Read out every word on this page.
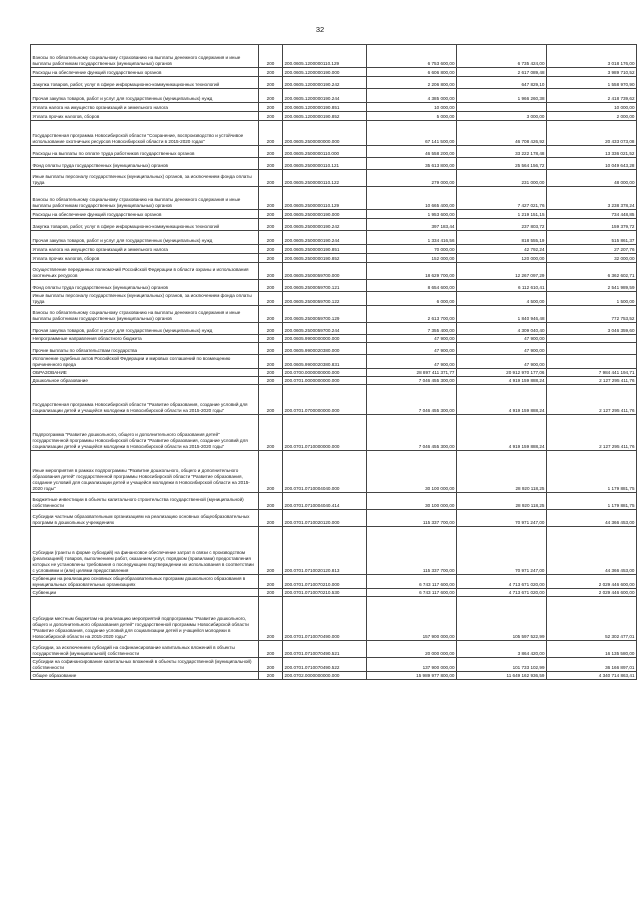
32
Взносы по обязательному социальному страхованию на выплаты денежного содержания и иные выплаты работникам государственных (муниципальных) органов	200	200.0605.1200000110.129	6 753 600,00	6 735 424,00	3 018 176,00
Расходы на обеспечение функций государственных органов	200	200.0605.1200000190.000	6 606 800,00	2 617 089,48	3 989 710,52
Закупка товаров, работ, услуг в сфере информационно-коммуникационных технологий	200	200.0605.1200000190.242	2 206 800,00	647 829,10	1 558 970,90
Прочая закупка товаров, работ и услуг для государственных (муниципальных) нужд	200	200.0605.1200000190.244	4 385 000,00	1 966 260,38	2 418 739,62
Уплата налога на имущество организаций и земельного налога	200	200.0605.1200000190.851	10 000,00		10 000,00
Уплата прочих налогов, сборов	200	200.0605.1200000190.852	5 000,00	3 000,00	2 000,00
Государственная программа Новосибирской области "Сохранение, воспроизводство и устойчивое использование охотничьих ресурсов Новосибирской области в 2015-2020 годах"	200	200.0605.2500000000.000	67 141 500,00	46 708 426,92	20 433 073,08
Расходы на выплаты по оплате труда работников государственных органов	200	200.0605.2500000110.000	46 558 200,00	33 222 178,48	13 336 021,52
Фонд оплаты труда государственных (муниципальных) органов	200	200.0605.2500000110.121	35 613 800,00	25 564 156,72	10 049 643,28
Иные выплаты персоналу государственных (муниципальных) органов, за исключением фонда оплаты труда	200	200.0605.2500000110.122	279 000,00	231 000,00	48 000,00
Взносы по обязательному социальному страхованию на выплаты денежного содержания и иные выплаты работникам государственных (муниципальных) органов	200	200.0605.2500000110.129	10 665 400,00	7 427 021,76	3 238 378,24
Расходы на обеспечение функций государственных органов	200	200.0605.2500000190.000	1 953 600,00	1 219 151,15	734 448,85
Закупка товаров, работ, услуг в сфере информационно-коммуникационных технологий	200	200.0605.2500000190.242	397 183,44	237 803,72	159 379,72
Прочая закупка товаров, работ и услуг для государственных (муниципальных) нужд	200	200.0605.2500000190.244	1 334 416,56	818 555,19	515 861,37
Уплата налога на имущество организаций и земельного налога	200	200.0605.2500000190.851	70 000,00	42 792,24	27 207,76
Уплата прочих налогов, сборов	200	200.0605.2500000190.852	152 000,00	120 000,00	32 000,00
Осуществление переданных полномочий Российской Федерации в области охраны и использования охотничьих ресурсов	200	200.0605.2500059700.000	18 629 700,00	12 267 097,29	6 362 602,71
Фонд оплаты труда государственных (муниципальных) органов	200	200.0605.2500059700.121	8 654 600,00	6 112 610,41	2 541 989,59
Иные выплаты персоналу государственных (муниципальных) органов, за исключением фонда оплаты труда	200	200.0605.2500059700.122	6 000,00	4 500,00	1 500,00
Взносы по обязательному социальному страхованию на выплаты денежного содержания и иные выплаты работникам государственных (муниципальных) органов	200	200.0605.2500059700.129	2 613 700,00	1 840 946,48	772 753,52
Прочая закупка товаров, работ и услуг для государственных (муниципальных) нужд	200	200.0605.2500059700.244	7 355 400,00	4 309 040,40	3 046 359,60
Непрограммные направления областного бюджета	200	200.0605.9900000000.000	47 900,00	47 900,00	
Прочие выплаты по обязательствам государства	200	200.0605.9900020380.000	47 900,00	47 900,00	
Исполнение судебных актов Российской Федерации и мировых соглашений по возмещению причиненного вреда	200	200.0605.9900020380.831	47 900,00	47 900,00	
ОБРАЗОВАНИЕ	200	200.0700.0000000000.000	28 897 411 371,77	20 912 970 177,06	7 984 441 194,71
Дошкольное образование	200	200.0701.0000000000.000	7 046 455 300,00	4 919 159 888,24	2 127 295 411,76
Государственная программа Новосибирской области "Развитие образования, создание условий для социализации детей и учащейся молодежи в Новосибирской области на 2015-2020 годы"	200	200.0701.0700000000.000	7 046 455 300,00	4 919 159 888,24	2 127 295 411,76
Подпрограмма "Развитие дошкольного, общего и дополнительного образования детей" государственной программы Новосибирской области "Развитие образования, создание условий для социализации детей и учащейся молодежи в Новосибирской области на 2015-2020 годы"	200	200.0701.0710000000.000	7 046 455 300,00	4 919 159 888,24	2 127 295 411,76
Иные мероприятия в рамках подпрограммы "Развитие дошкольного, общего и дополнительного образования детей" государственной программы Новосибирской области "Развитие образования, создание условий для социализации детей и учащейся молодежи в Новосибирской области на 2015-2020 годы"	200	200.0701.0710004040.000	30 100 000,00	28 920 118,25	1 179 881,75
Бюджетные инвестиции в объекты капитального строительства государственной (муниципальной) собственности	200	200.0701.0710004040.414	30 100 000,00	28 920 118,25	1 179 881,75
Субсидии частным образовательным организациям на реализацию основных общеобразовательных программ в дошкольных учреждениях	200	200.0701.0710020120.000	115 337 700,00	70 971 247,00	44 366 453,00
Субсидии (гранты в форме субсидий) на финансовое обеспечение затрат в связи с производством (реализацией) товаров, выполнением работ, оказанием услуг, порядком (правилами) предоставления которых не установлены требования о последующем подтверждении их использования в соответствии с условиями и (или) целями предоставления	200	200.0701.0710020120.813	115 337 700,00	70 971 247,00	44 366 453,00
Субвенции на реализацию основных общеобразовательных программ дошкольного образования в муниципальных образовательных организациях	200	200.0701.0710070210.000	6 743 117 600,00	4 713 671 020,00	2 029 446 600,00
Субвенции	200	200.0701.0710070210.530	6 743 117 600,00	4 713 671 020,00	2 029 446 600,00
Субсидии местным бюджетам на реализацию мероприятий подпрограммы "Развитие дошкольного, общего и дополнительного образования детей" государственной программы Новосибирской области "Развитие образования, создание условий для социализации детей и учащейся молодежи в Новосибирской области на 2015-2020 годы"	200	200.0701.0710070490.000	157 900 000,00	105 597 522,99	52 302 477,01
Субсидии, за исключением субсидий на софинансирование капитальных вложений в объекты государственной (муниципальной) собственности	200	200.0701.0710070490.521	20 000 000,00	3 864 420,00	16 135 580,00
Субсидии на софинансирование капитальных вложений в объекты государственной (муниципальной) собственности	200	200.0701.0710070490.522	137 900 000,00	101 733 102,99	36 166 897,01
Общее образование	200	200.0702.0000000000.000	15 989 977 800,00	11 649 162 936,59	4 340 714 863,41
